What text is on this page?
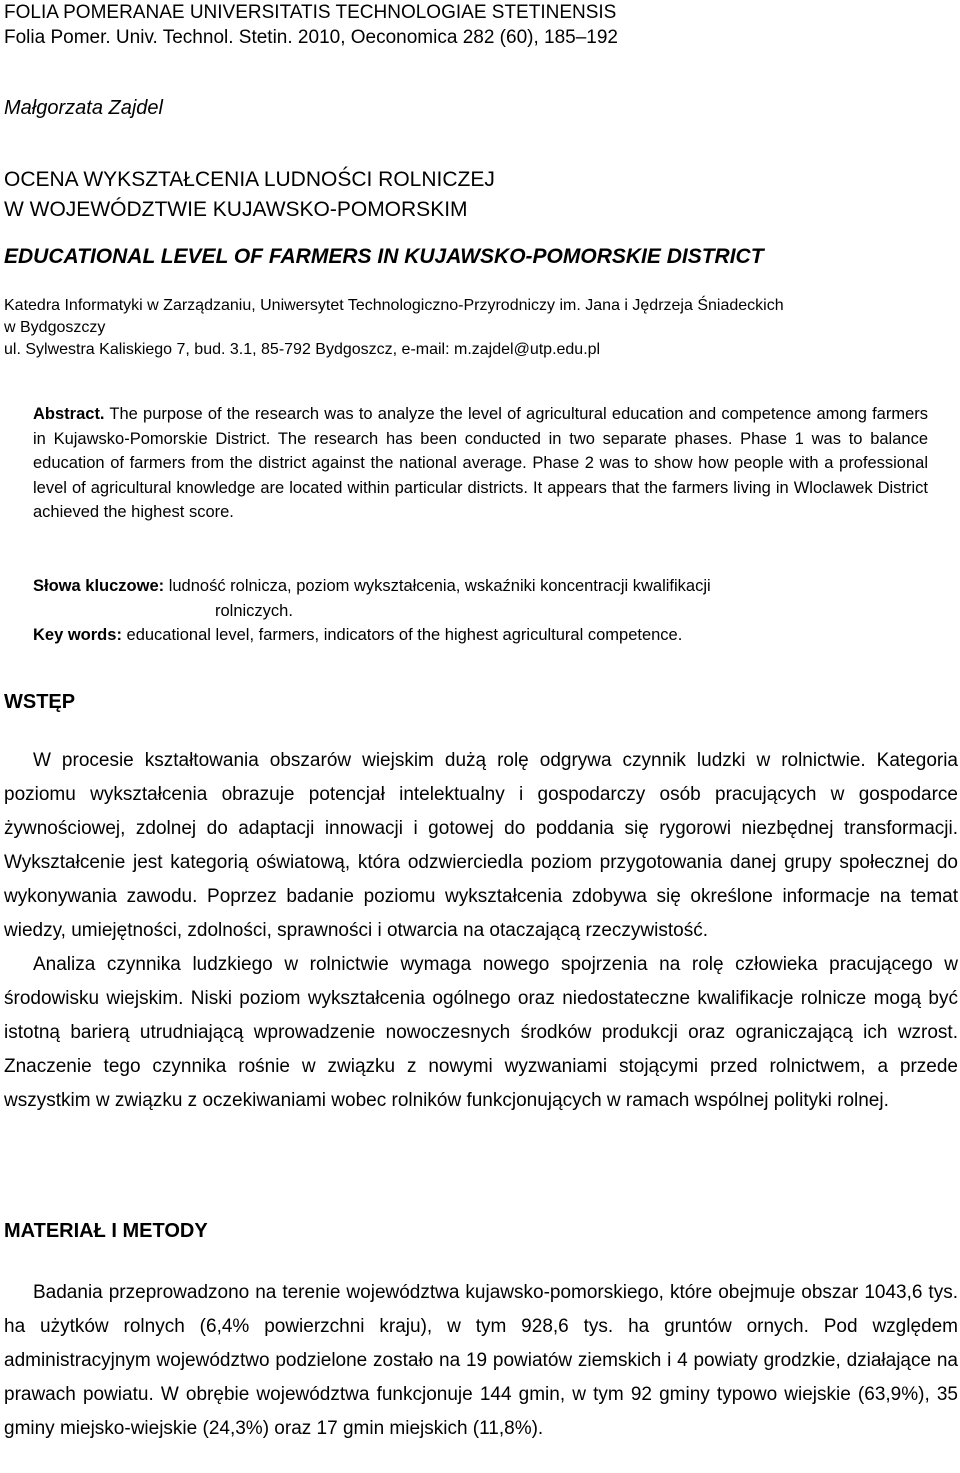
FOLIA POMERANAE UNIVERSITATIS TECHNOLOGIAE STETINENSIS
Folia Pomer. Univ. Technol. Stetin. 2010, Oeconomica 282 (60), 185–192
Małgorzata Zajdel
OCENA WYKSZTAŁCENIA LUDNOŚCI ROLNICZEJ
W WOJEWÓDZTWIE KUJAWSKO-POMORSKIM
EDUCATIONAL LEVEL OF FARMERS IN KUJAWSKO-POMORSKIE DISTRICT
Katedra Informatyki w Zarządzaniu, Uniwersytet Technologiczno-Przyrodniczy im. Jana i Jędrzeja Śniadeckich
w Bydgoszczy
ul. Sylwestra Kaliskiego 7, bud. 3.1, 85-792 Bydgoszcz, e-mail: m.zajdel@utp.edu.pl
Abstract. The purpose of the research was to analyze the level of agricultural education and competence among farmers in Kujawsko-Pomorskie District. The research has been conducted in two separate phases. Phase 1 was to balance education of farmers from the district against the national average. Phase 2 was to show how people with a professional level of agricultural knowledge are located within particular districts. It appears that the farmers living in Wloclawek District achieved the highest score.
Słowa kluczowe: ludność rolnicza, poziom wykształcenia, wskaźniki koncentracji kwalifikacji
rolniczych.
Key words: educational level, farmers, indicators of the highest agricultural competence.
WSTĘP

W procesie kształtowania obszarów wiejskim dużą rolę odgrywa czynnik ludzki w rolnictwie. Kategoria poziomu wykształcenia obrazuje potencjał intelektualny i gospodarczy osób pracujących w gospodarce żywnościowej, zdolnej do adaptacji innowacji i gotowej do poddania się rygorowi niezbędnej transformacji. Wykształcenie jest kategorią oświatową, która odzwierciedla poziom przygotowania danej grupy społecznej do wykonywania zawodu. Poprzez badanie poziomu wykształcenia zdobywa się określone informacje na temat wiedzy, umiejętności, zdolności, sprawności i otwarcia na otaczającą rzeczywistość.

Analiza czynnika ludzkiego w rolnictwie wymaga nowego spojrzenia na rolę człowieka pracującego w środowisku wiejskim. Niski poziom wykształcenia ogólnego oraz niedostateczne kwalifikacje rolnicze mogą być istotną barierą utrudniającą wprowadzenie nowoczesnych środków produkcji oraz ograniczającą ich wzrost. Znaczenie tego czynnika rośnie w związku z nowymi wyzwaniami stojącymi przed rolnictwem, a przede wszystkim w związku z oczekiwaniami wobec rolników funkcjonujących w ramach wspólnej polityki rolnej.

MATERIAŁ I METODY

Badania przeprowadzono na terenie województwa kujawsko-pomorskiego, które obejmuje obszar 1043,6 tys. ha użytków rolnych (6,4% powierzchni kraju), w tym 928,6 tys. ha gruntów ornych. Pod względem administracyjnym województwo podzielone zostało na 19 powiatów ziemskich i 4 powiaty grodzkie, działające na prawach powiatu. W obrębie województwa funkcjonuje 144 gmin, w tym 92 gminy typowo wiejskie (63,9%), 35 gminy miejsko-wiejskie (24,3%) oraz 17 gmin miejskich (11,8%).
